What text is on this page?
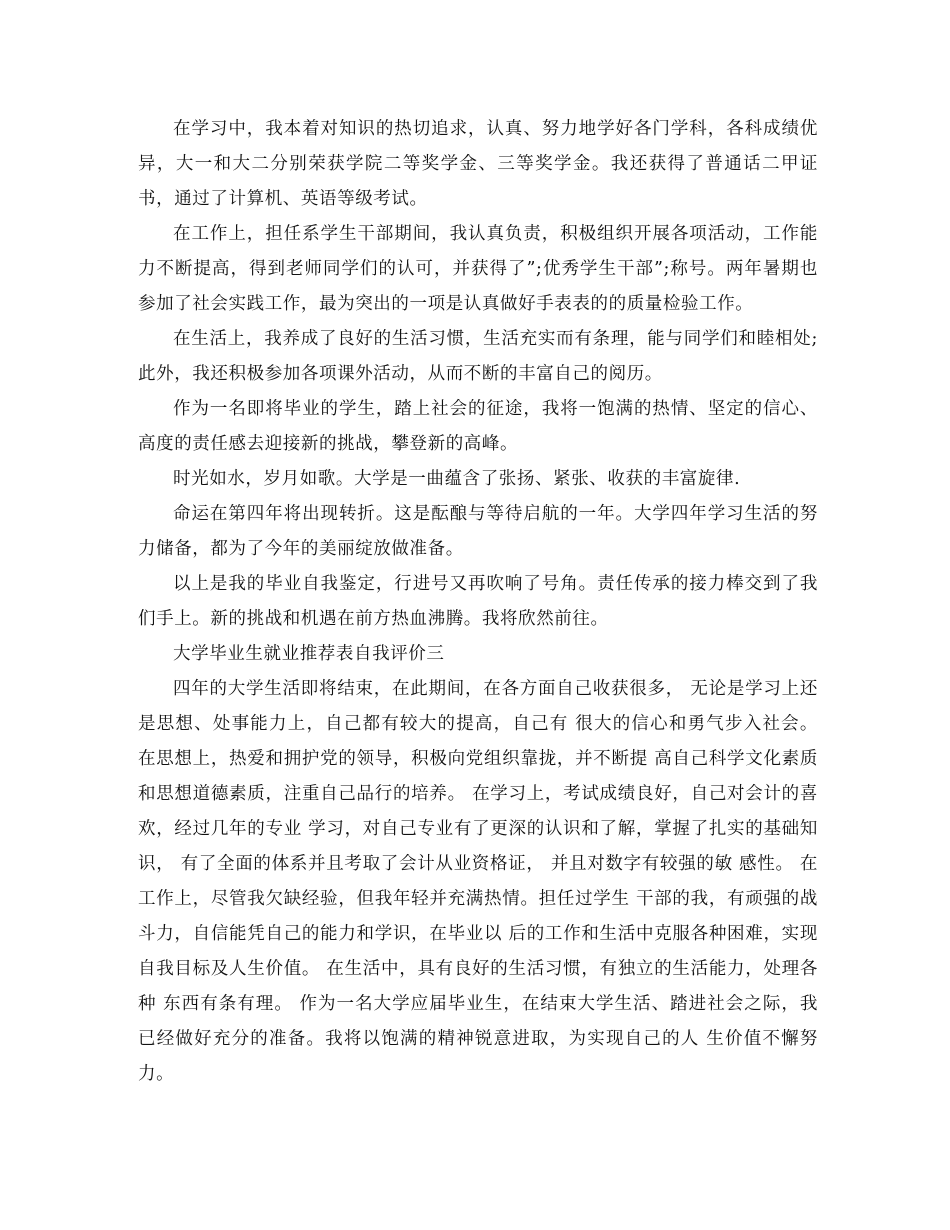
在学习中，我本着对知识的热切追求，认真、努力地学好各门学科，各科成绩优异，大一和大二分别荣获学院二等奖学金、三等奖学金。我还获得了普通话二甲证书，通过了计算机、英语等级考试。

在工作上，担任系学生干部期间，我认真负责，积极组织开展各项活动，工作能力不断提高，得到老师同学们的认可，并获得了”;优秀学生干部”;称号。两年暑期也参加了社会实践工作，最为突出的一项是认真做好手表表的的质量检验工作。

在生活上，我养成了良好的生活习惯，生活充实而有条理，能与同学们和睦相处;此外，我还积极参加各项课外活动，从而不断的丰富自己的阅历。

作为一名即将毕业的学生，踏上社会的征途，我将一饱满的热情、坚定的信心、高度的责任感去迎接新的挑战，攀登新的高峰。

时光如水，岁月如歌。大学是一曲蕴含了张扬、紧张、收获的丰富旋律.

命运在第四年将出现转折。这是酝酿与等待启航的一年。大学四年学习生活的努力储备，都为了今年的美丽绽放做准备。

以上是我的毕业自我鉴定，行进号又再吹响了号角。责任传承的接力棒交到了我们手上。新的挑战和机遇在前方热血沸腾。我将欣然前往。

大学毕业生就业推荐表自我评价三

四年的大学生活即将结束，在此期间，在各方面自己收获很多， 无论是学习上还是思想、处事能力上，自己都有较大的提高，自己有 很大的信心和勇气步入社会。 在思想上，热爱和拥护党的领导，积极向党组织靠拢，并不断提 高自己科学文化素质和思想道德素质，注重自己品行的培养。 在学习上，考试成绩良好，自己对会计的喜欢，经过几年的专业 学习，对自己专业有了更深的认识和了解，掌握了扎实的基础知识， 有了全面的体系并且考取了会计从业资格证， 并且对数字有较强的敏 感性。 在工作上，尽管我欠缺经验，但我年轻并充满热情。担任过学生 干部的我，有顽强的战斗力，自信能凭自己的能力和学识，在毕业以 后的工作和生活中克服各种困难，实现自我目标及人生价值。 在生活中，具有良好的生活习惯，有独立的生活能力，处理各种 东西有条有理。 作为一名大学应届毕业生，在结束大学生活、踏进社会之际，我 已经做好充分的准备。我将以饱满的精神锐意进取，为实现自己的人 生价值不懈努力。
